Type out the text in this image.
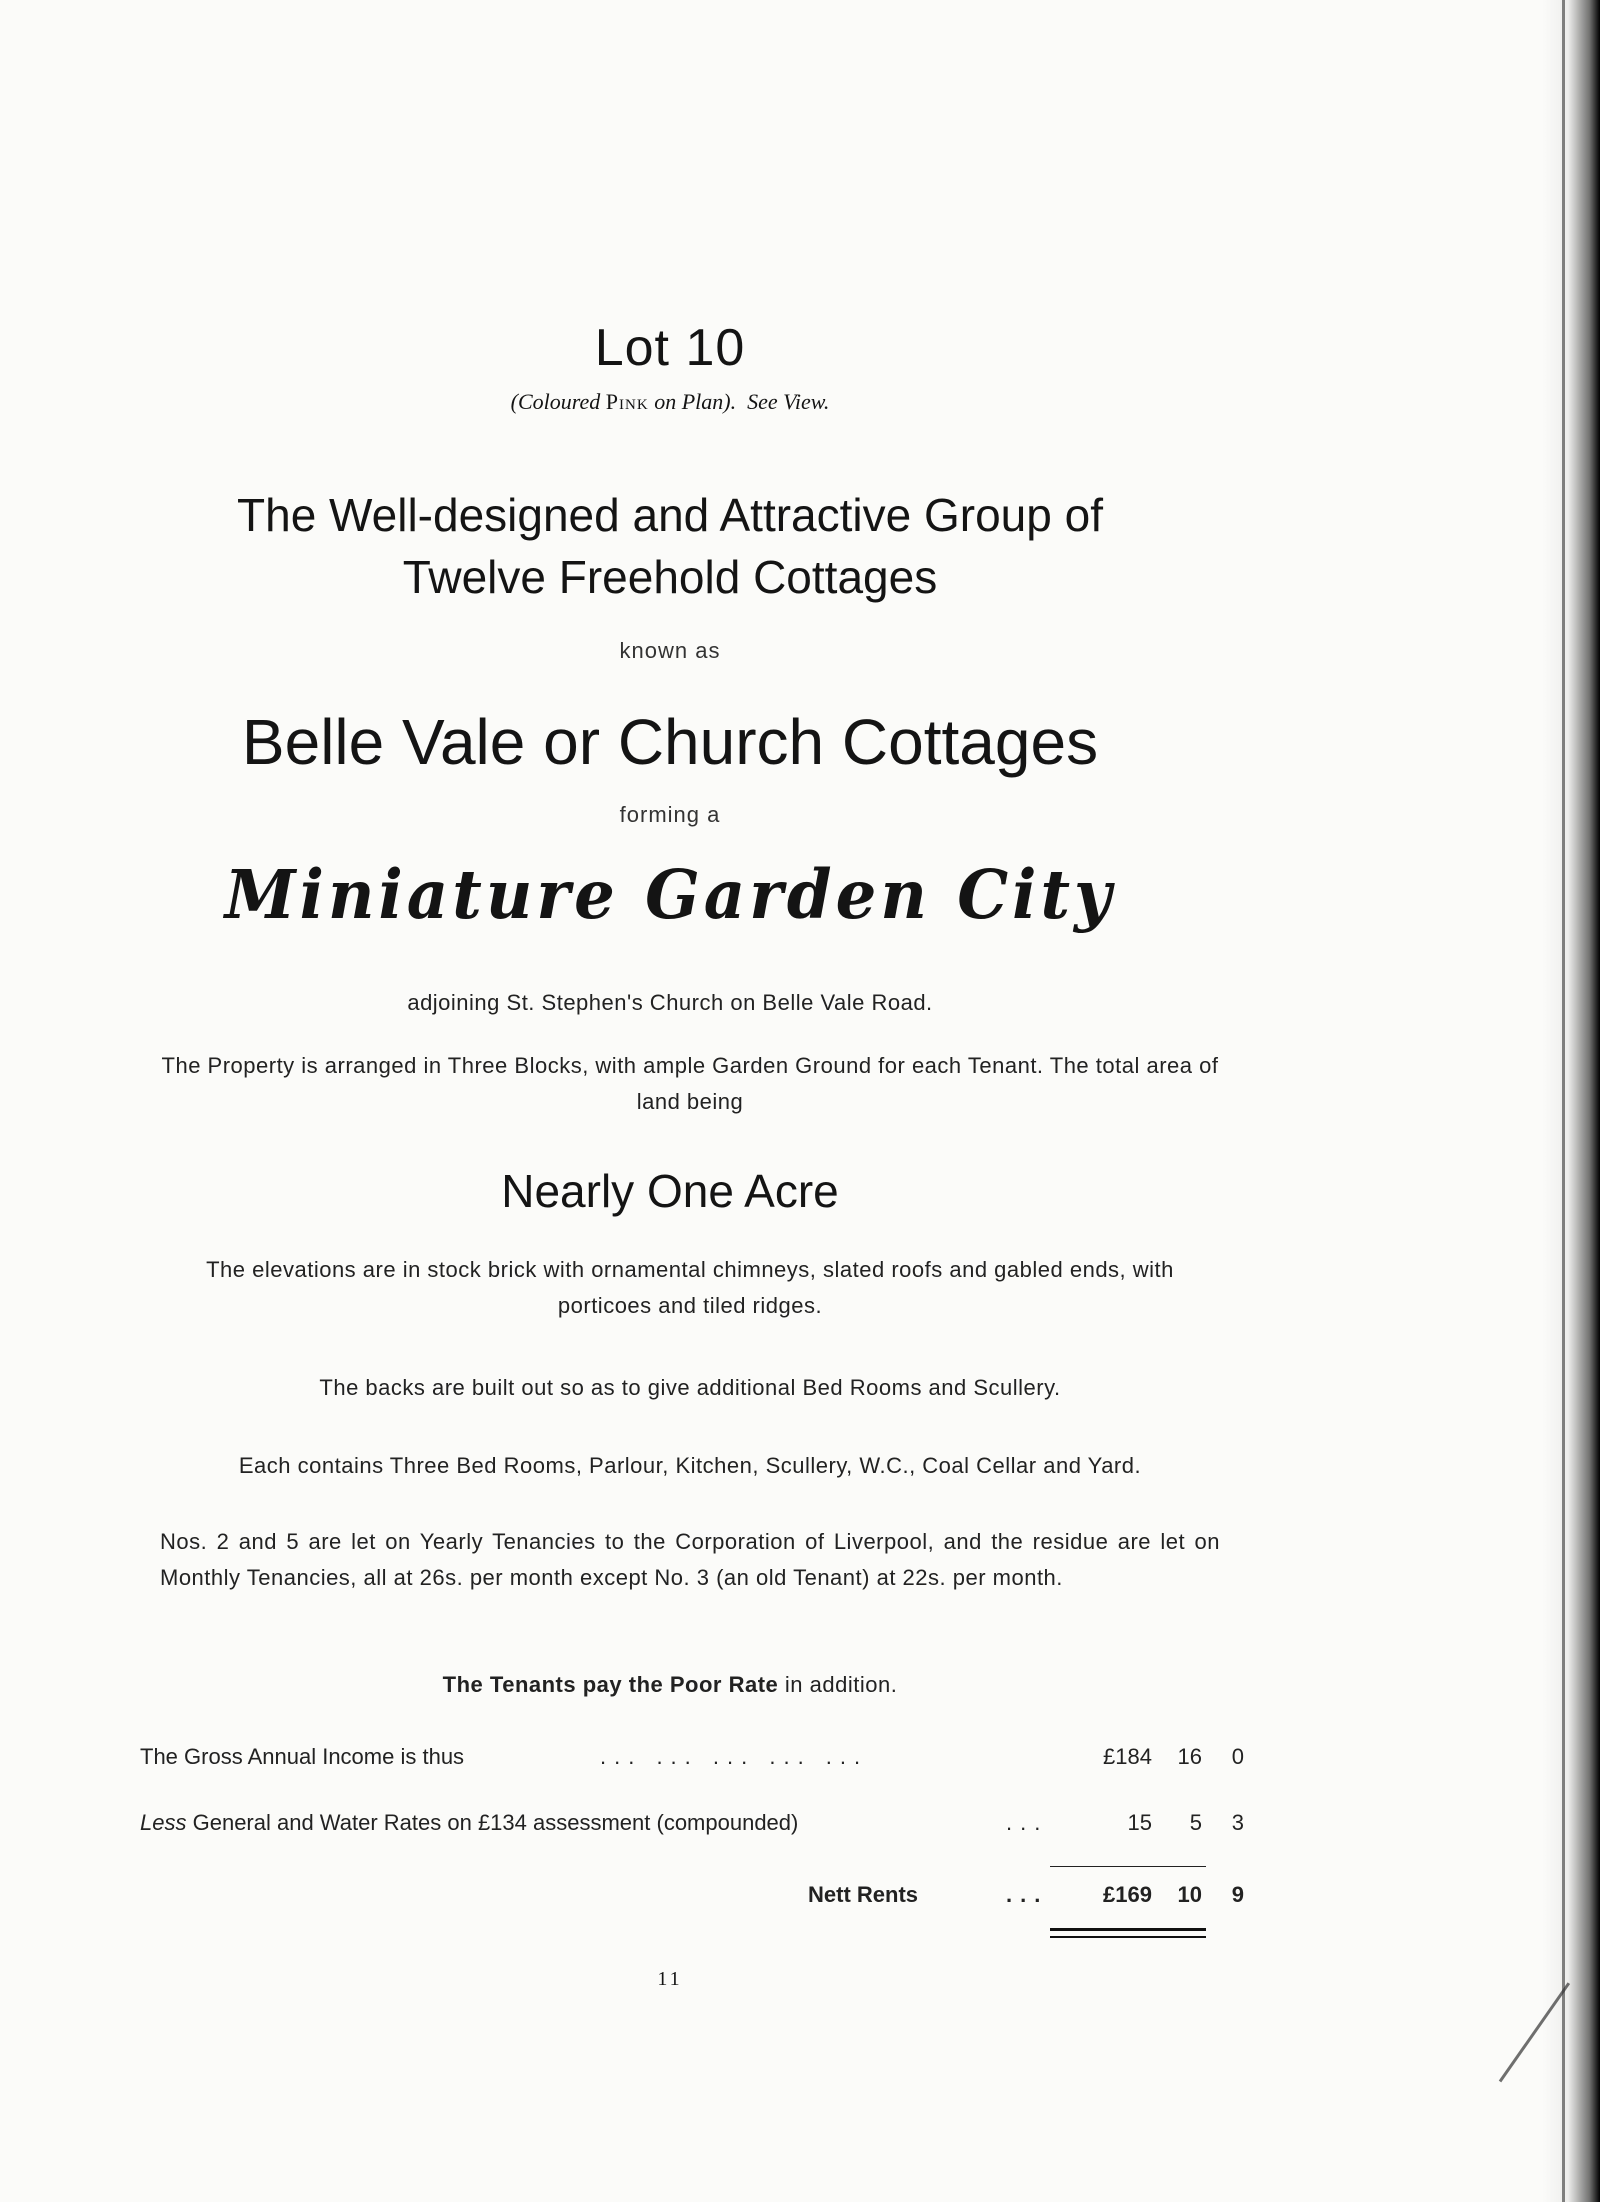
Lot 10
(Coloured Pink on Plan). See View.
The Well-designed and Attractive Group of
Twelve Freehold Cottages
known as
Belle Vale or Church Cottages
forming a
Miniature Garden City
adjoining St. Stephen's Church on Belle Vale Road.
The Property is arranged in Three Blocks, with ample Garden Ground for each Tenant. The total area of land being
Nearly One Acre
The elevations are in stock brick with ornamental chimneys, slated roofs and gabled ends, with porticoes and tiled ridges.
The backs are built out so as to give additional Bed Rooms and Scullery.
Each contains Three Bed Rooms, Parlour, Kitchen, Scullery, W.C., Coal Cellar and Yard.
Nos. 2 and 5 are let on Yearly Tenancies to the Corporation of Liverpool, and the residue are let on Monthly Tenancies, all at 26s. per month except No. 3 (an old Tenant) at 22s. per month.
The Tenants pay the Poor Rate in addition.
The Gross Annual Income is thus	... ... ... ... ...	£184	16	0
Less General and Water Rates on £134 assessment (compounded)	...	15	5	3
Nett Rents	...	£169	10	9
11
